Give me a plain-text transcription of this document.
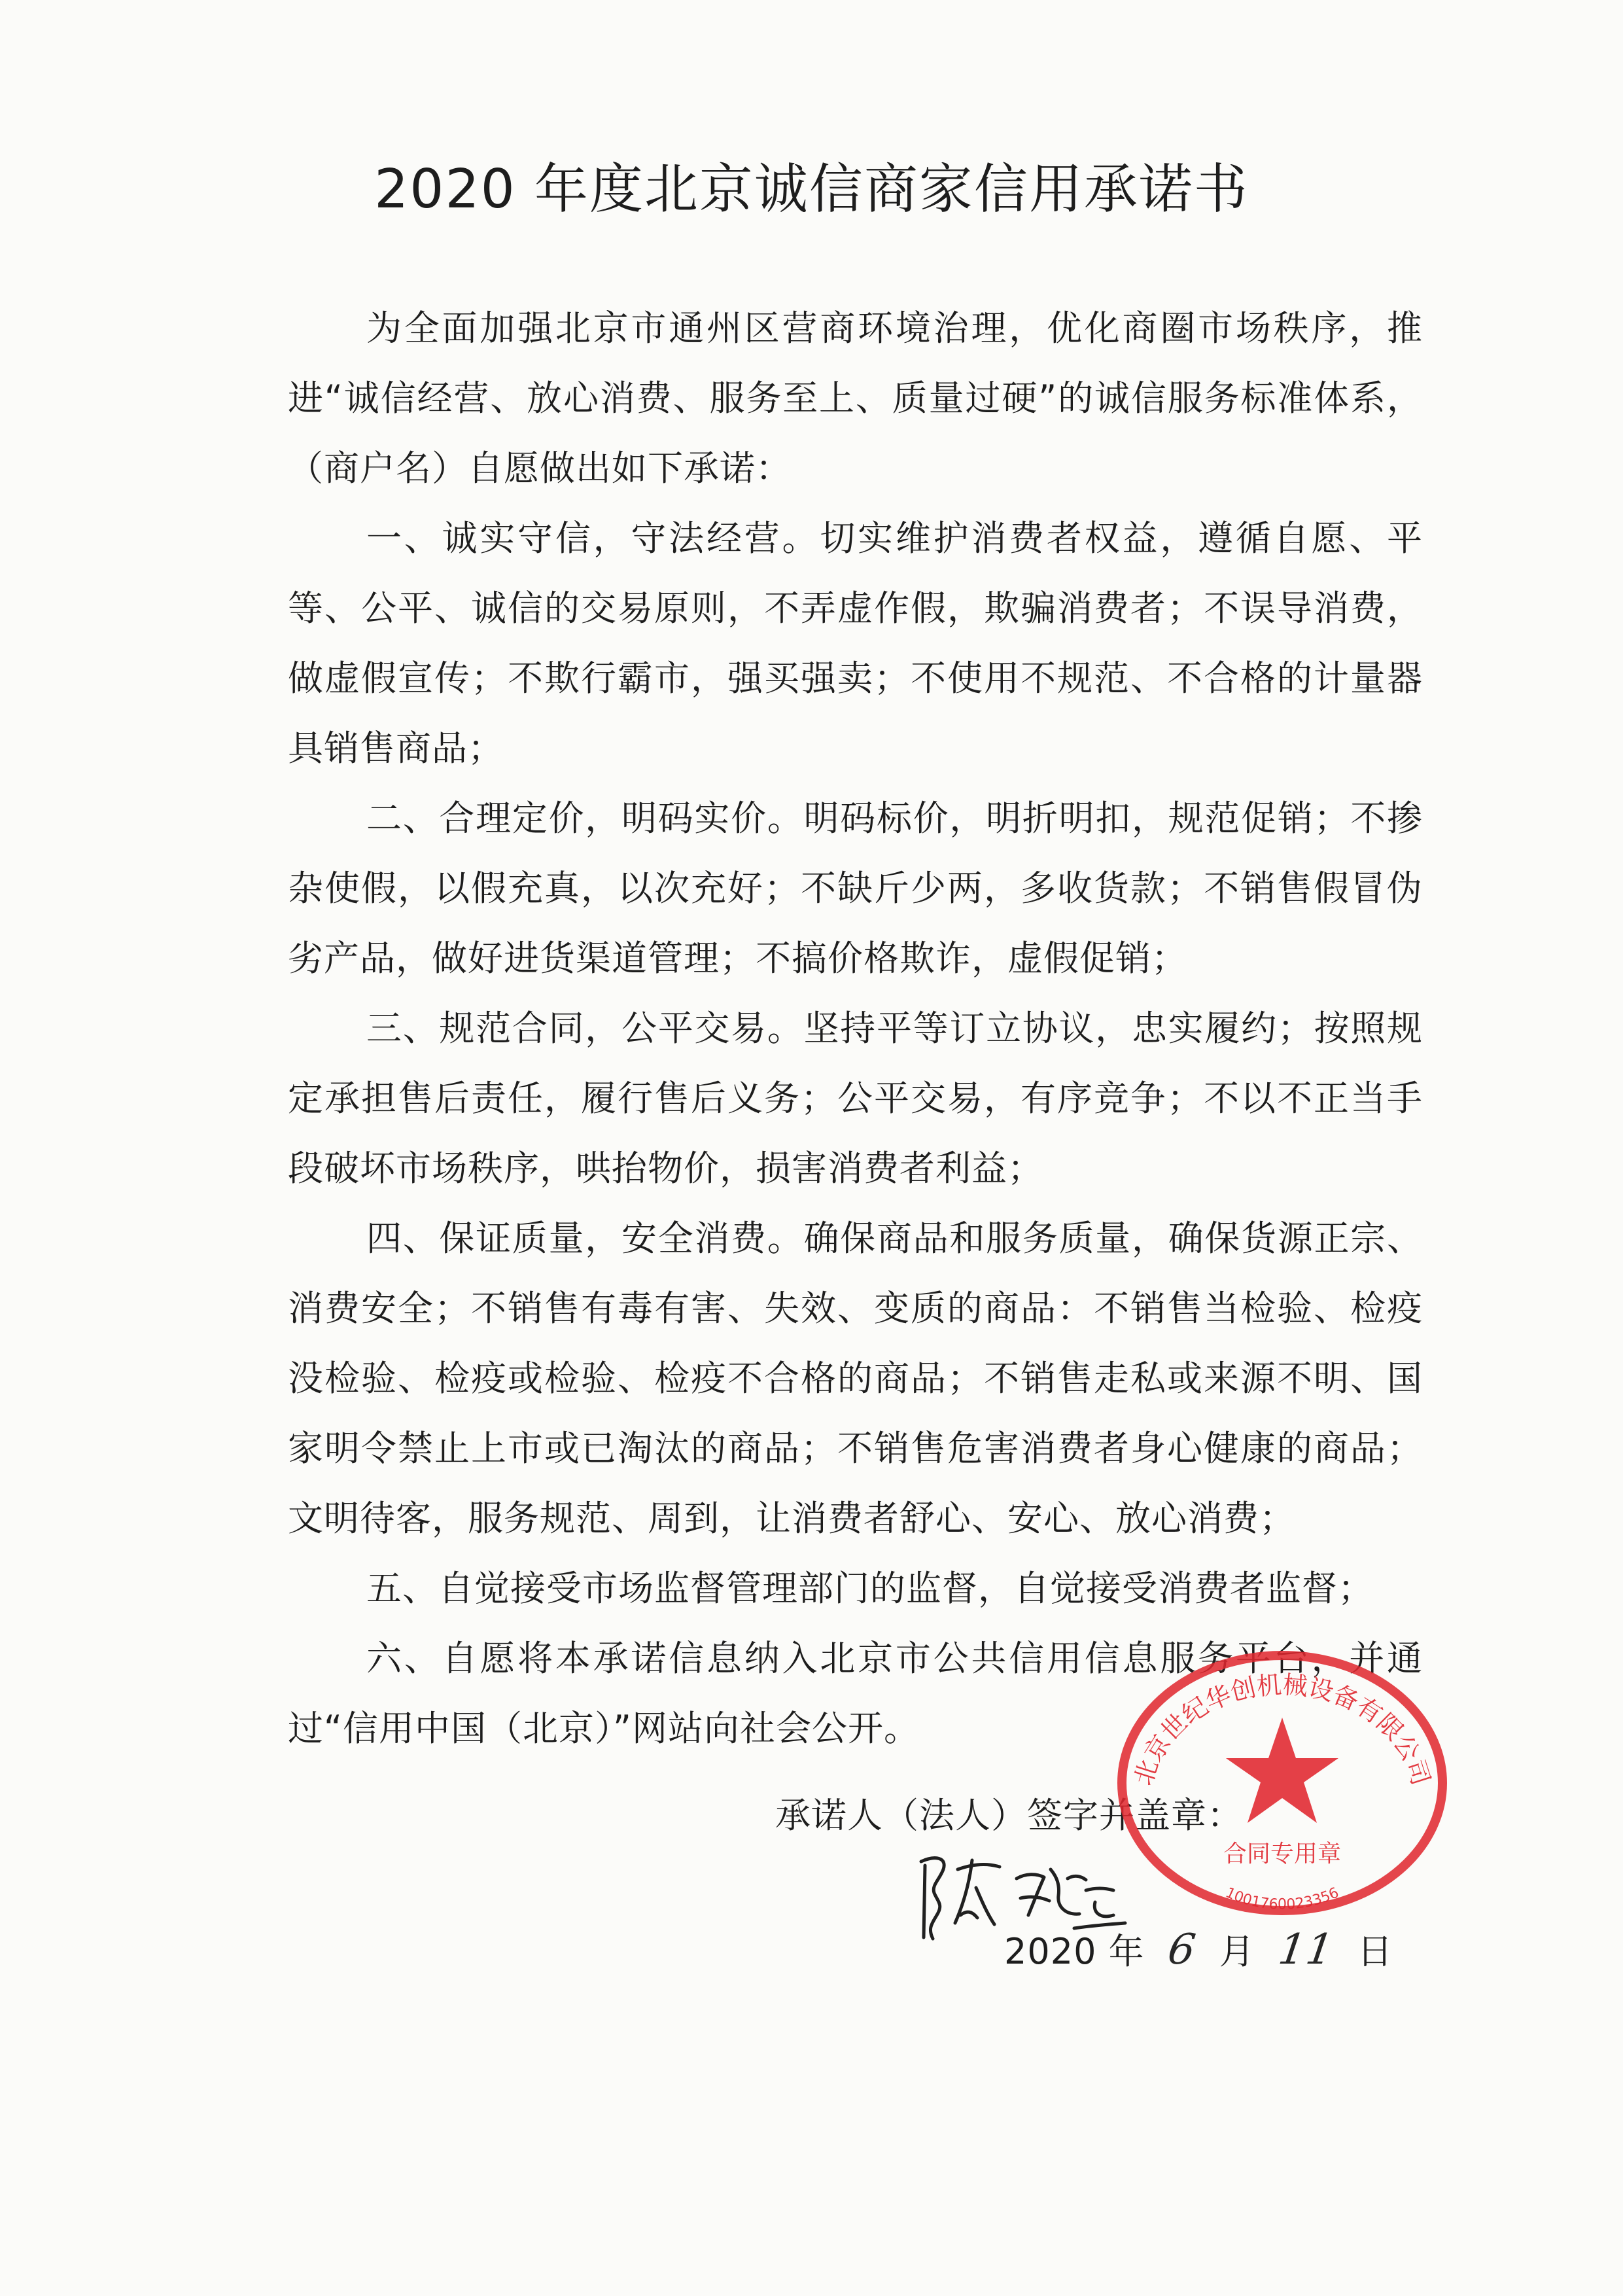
2020 年度北京诚信商家信用承诺书

为全面加强北京市通州区营商环境治理，优化商圈市场秩序，推进“诚信经营、放心消费、服务至上、质量过硬”的诚信服务标准体系，（商户名）自愿做出如下承诺：

一、诚实守信，守法经营。切实维护消费者权益，遵循自愿、平等、公平、诚信的交易原则，不弄虚作假，欺骗消费者；不误导消费，做虚假宣传；不欺行霸市，强买强卖；不使用不规范、不合格的计量器具销售商品；

二、合理定价，明码实价。明码标价，明折明扣，规范促销；不掺杂使假，以假充真，以次充好；不缺斤少两，多收货款；不销售假冒伪劣产品，做好进货渠道管理；不搞价格欺诈，虚假促销；

三、规范合同，公平交易。坚持平等订立协议，忠实履约；按照规定承担售后责任，履行售后义务；公平交易，有序竞争；不以不正当手段破坏市场秩序，哄抬物价，损害消费者利益；

四、保证质量，安全消费。确保商品和服务质量，确保货源正宗、消费安全；不销售有毒有害、失效、变质的商品：不销售当检验、检疫没检验、检疫或检验、检疫不合格的商品；不销售走私或来源不明、国家明令禁止上市或已淘汰的商品；不销售危害消费者身心健康的商品；文明待客，服务规范、周到，让消费者舒心、安心、放心消费；

五、自觉接受市场监督管理部门的监督，自觉接受消费者监督；

六、自愿将本承诺信息纳入北京市公共信用信息服务平台，并通过“信用中国（北京）”网站向社会公开。

承诺人（法人）签字并盖章：
2020 年 6 月 11 日
北京世纪华创机械设备有限公司
1001760023356
合同专用章
